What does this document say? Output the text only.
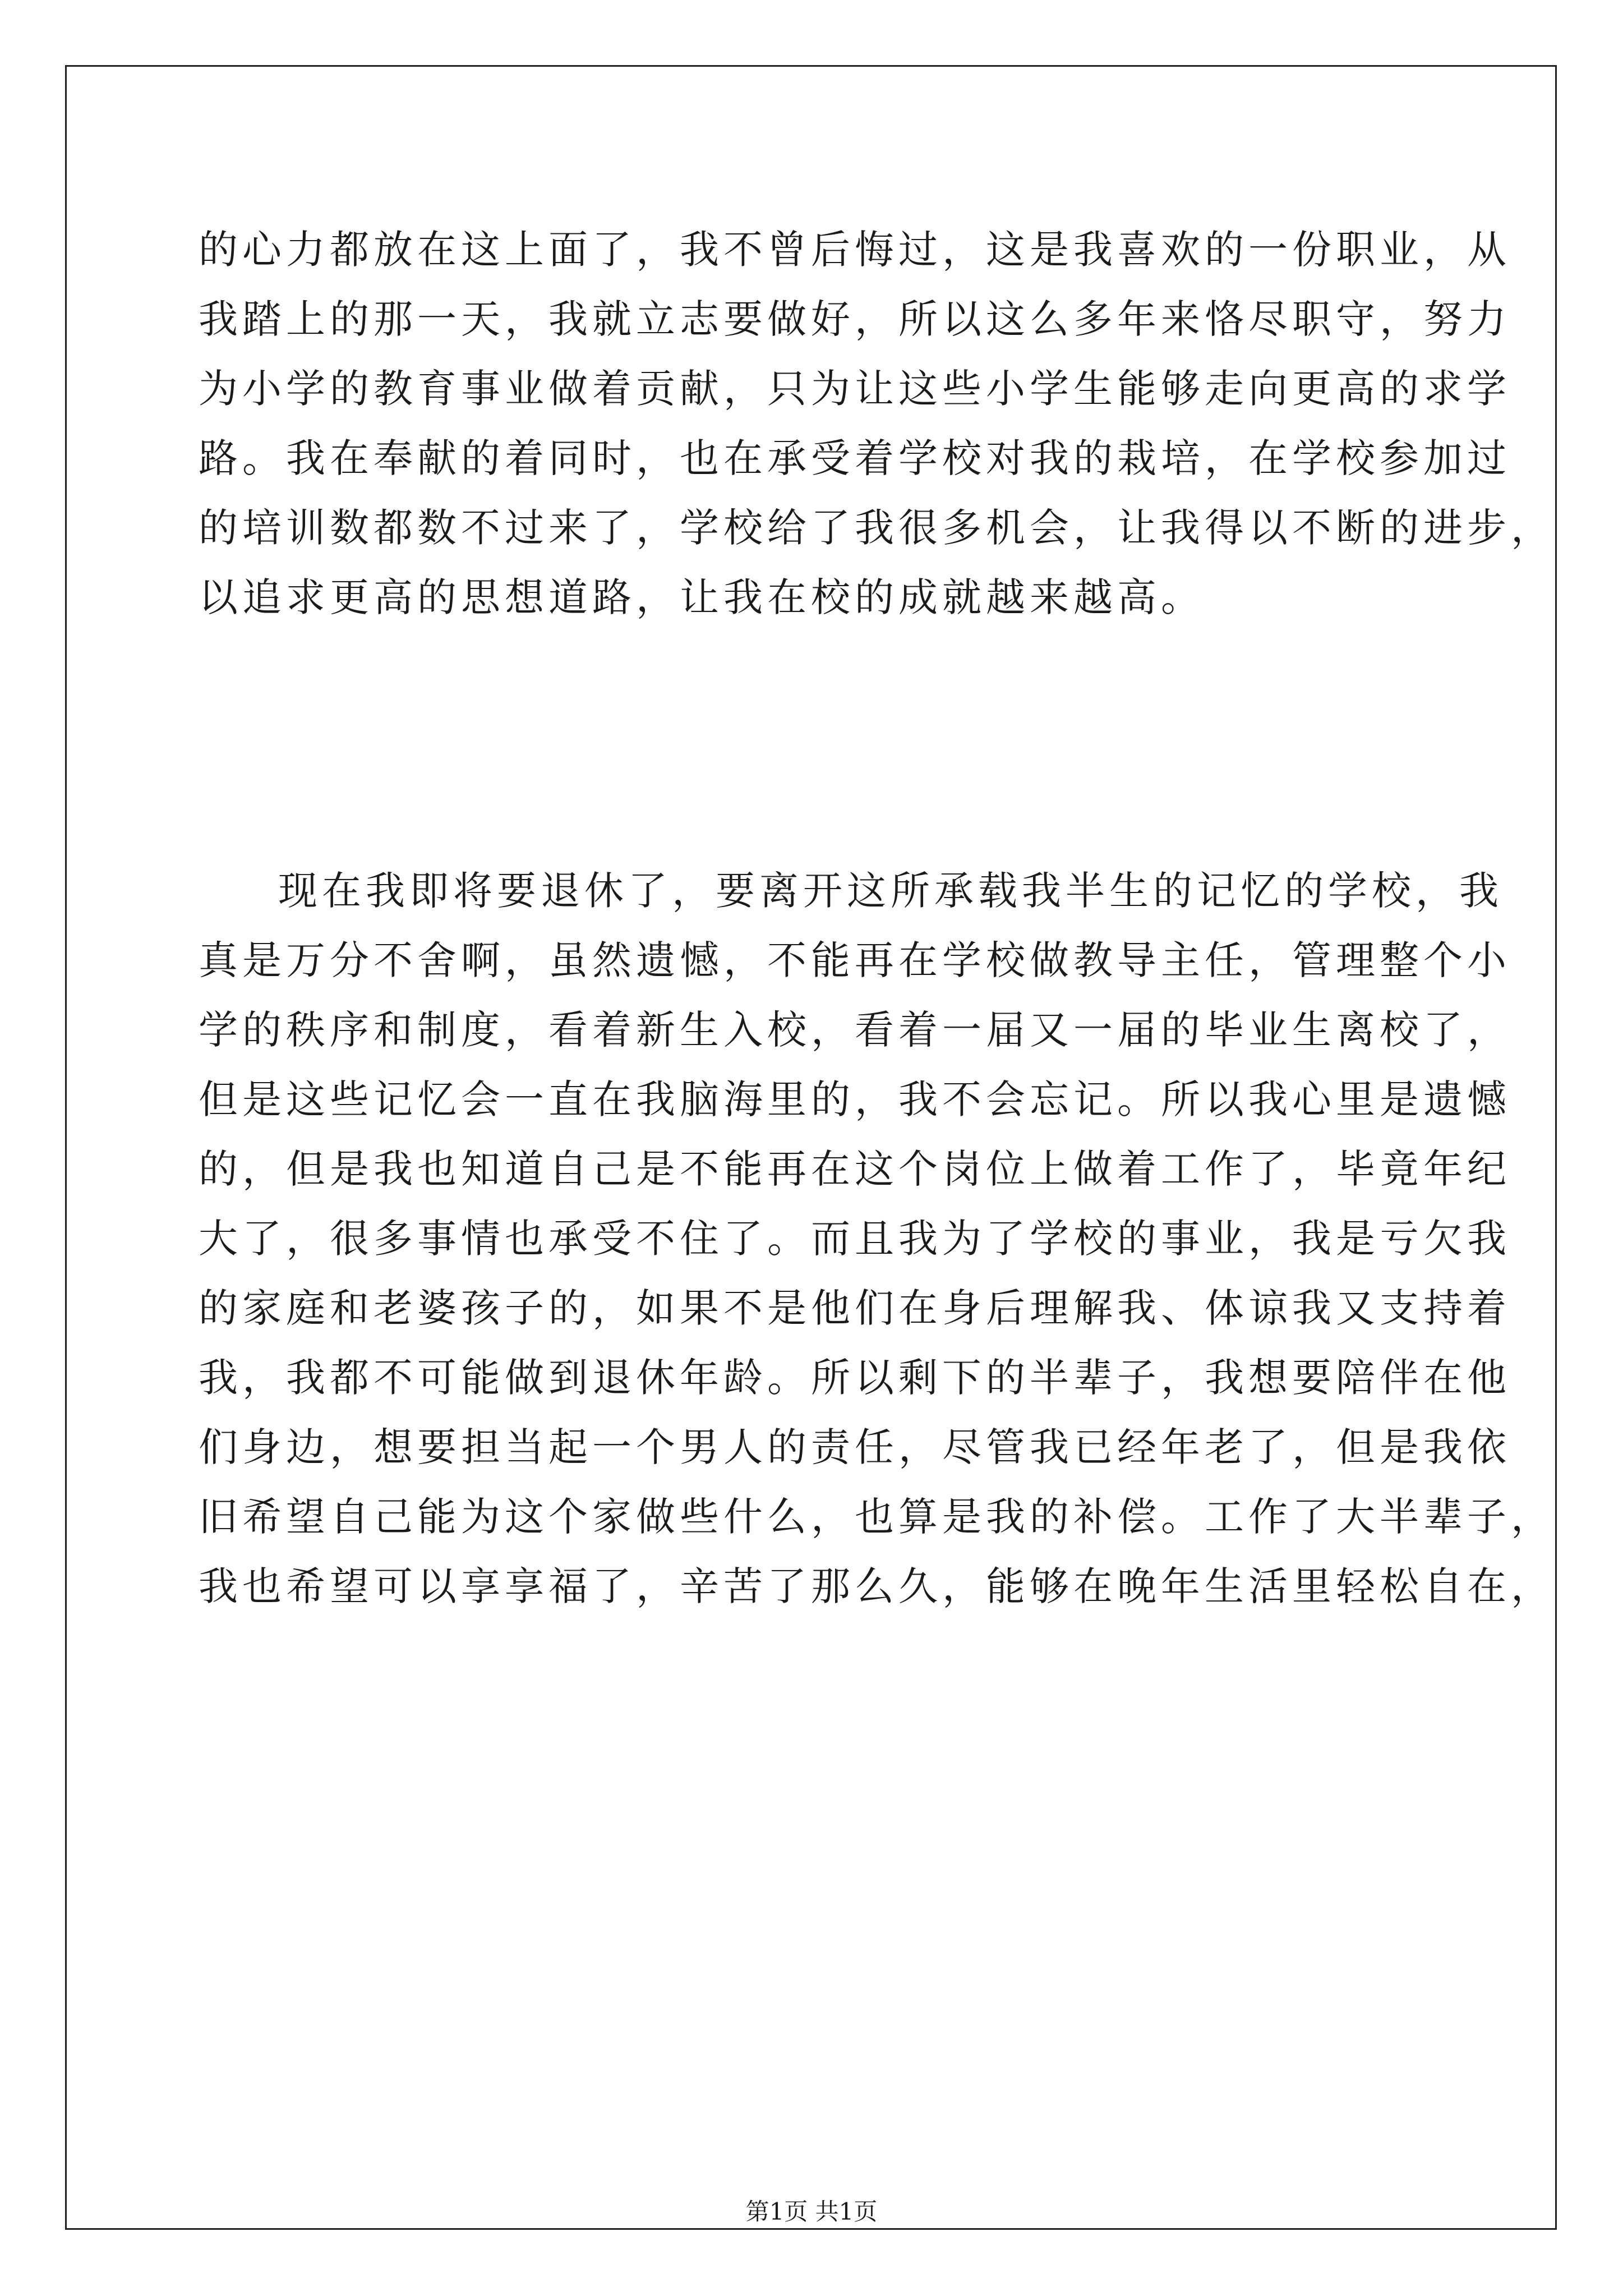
的心力都放在这上面了，我不曾后悔过，这是我喜欢的一份职业，从
我踏上的那一天，我就立志要做好，所以这么多年来恪尽职守，努力
为小学的教育事业做着贡献，只为让这些小学生能够走向更高的求学
路。我在奉献的着同时，也在承受着学校对我的栽培，在学校参加过
的培训数都数不过来了，学校给了我很多机会，让我得以不断的进步，
以追求更高的思想道路，让我在校的成就越来越高。
现在我即将要退休了，要离开这所承载我半生的记忆的学校，我
真是万分不舍啊，虽然遗憾，不能再在学校做教导主任，管理整个小
学的秩序和制度，看着新生入校，看着一届又一届的毕业生离校了，
但是这些记忆会一直在我脑海里的，我不会忘记。所以我心里是遗憾
的，但是我也知道自己是不能再在这个岗位上做着工作了，毕竟年纪
大了，很多事情也承受不住了。而且我为了学校的事业，我是亏欠我
的家庭和老婆孩子的，如果不是他们在身后理解我、体谅我又支持着
我，我都不可能做到退休年龄。所以剩下的半辈子，我想要陪伴在他
们身边，想要担当起一个男人的责任，尽管我已经年老了，但是我依
旧希望自己能为这个家做些什么，也算是我的补偿。工作了大半辈子，
我也希望可以享享福了，辛苦了那么久，能够在晚年生活里轻松自在，
第1页 共1页
